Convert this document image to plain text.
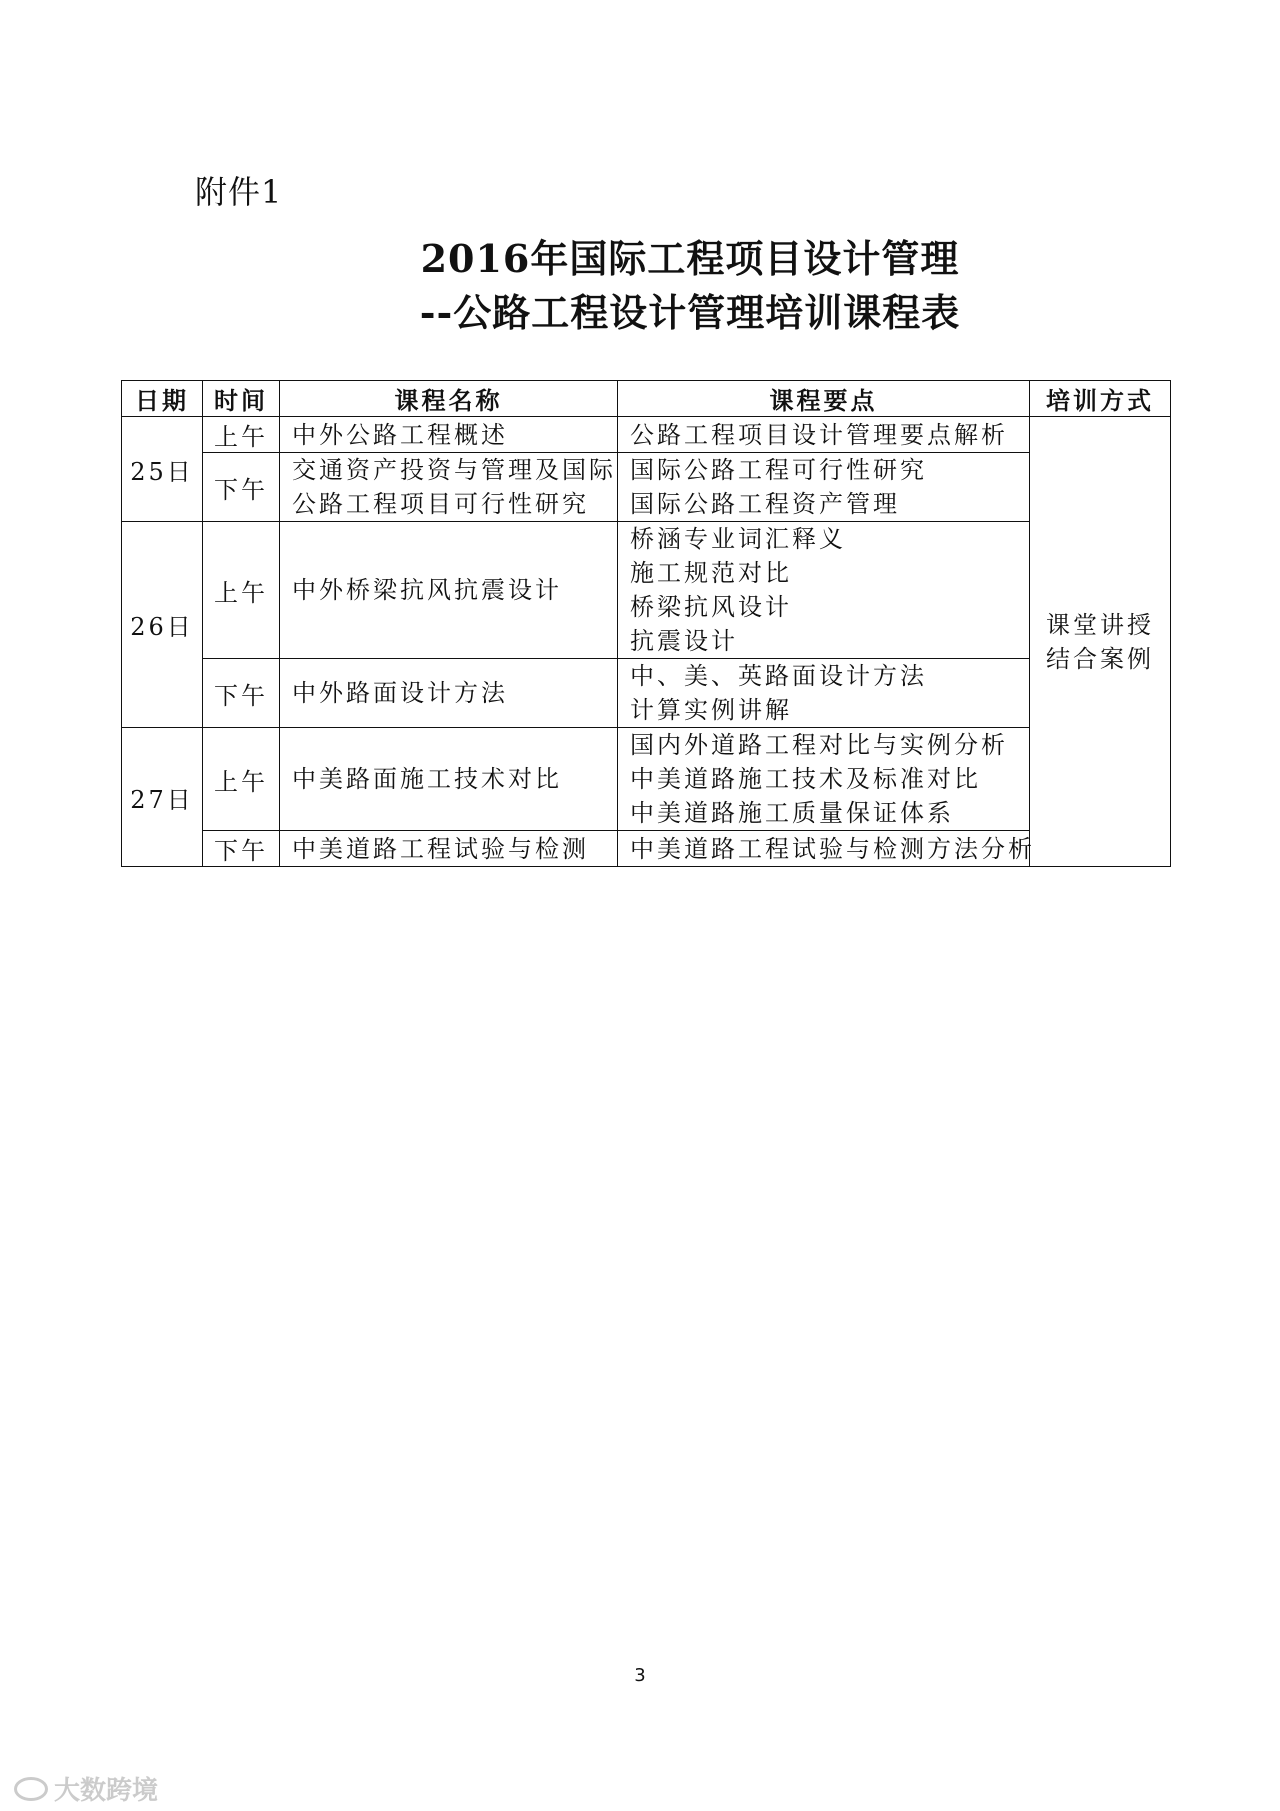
附件1
2016年国际工程项目设计管理
--公路工程设计管理培训课程表
日期	时间	课程名称	课程要点	培训方式
25日	上午	中外公路工程概述	公路工程项目设计管理要点解析	课堂讲授
结合案例

	下午	交通资产投资与管理及国际
公路工程项目可行性研究	国际公路工程可行性研究
国际公路工程资产管理	

26日	上午	中外桥梁抗风抗震设计	桥涵专业词汇释义
施工规范对比
桥梁抗风设计
抗震设计	

	下午	中外路面设计方法	中、美、英路面设计方法
计算实例讲解	

27日	上午	中美路面施工技术对比	国内外道路工程对比与实例分析
中美道路施工技术及标准对比
中美道路施工质量保证体系	

	下午	中美道路工程试验与检测	中美道路工程试验与检测方法分析	
3
大数跨境
